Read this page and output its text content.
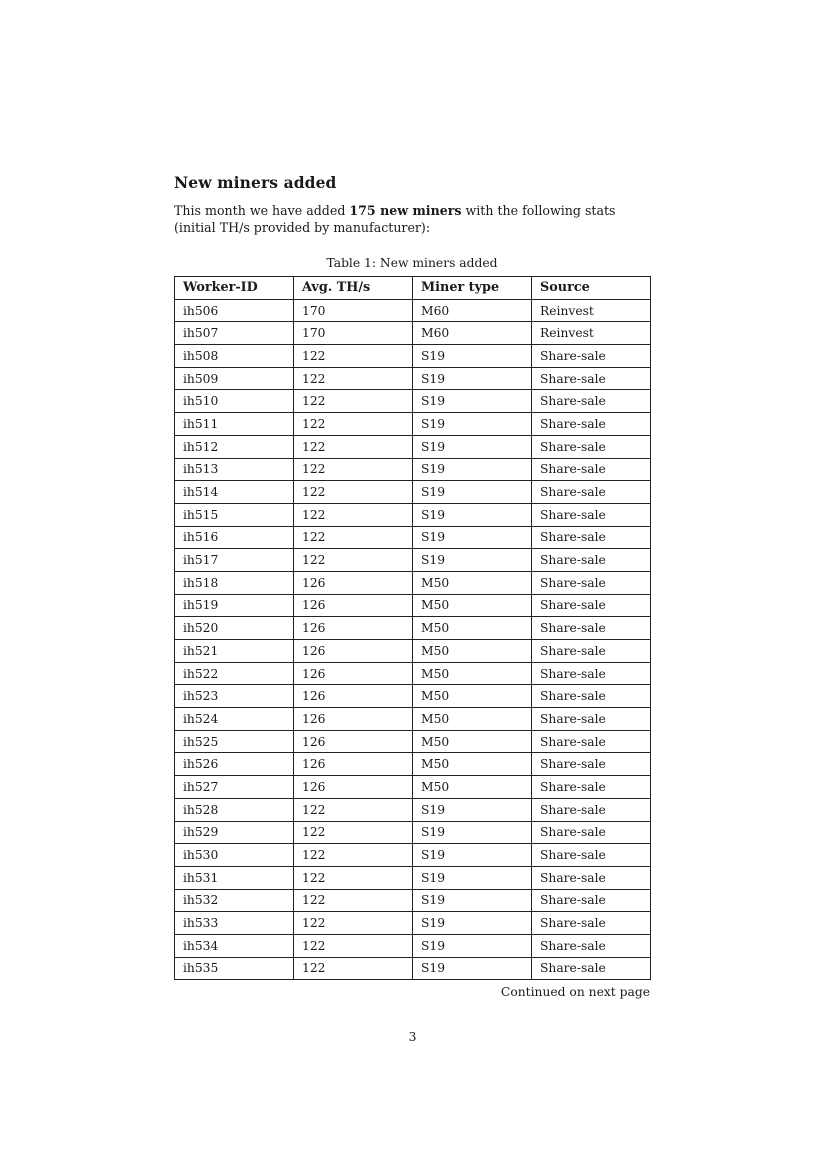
New miners added

This month we have added 175 new miners with the following stats (initial TH/s provided by manufacturer):

Table 1: New miners added
Worker-ID	Avg. TH/s	Miner type	Source
ih506	170	M60	Reinvest
ih507	170	M60	Reinvest
ih508	122	S19	Share-sale
ih509	122	S19	Share-sale
ih510	122	S19	Share-sale
ih511	122	S19	Share-sale
ih512	122	S19	Share-sale
ih513	122	S19	Share-sale
ih514	122	S19	Share-sale
ih515	122	S19	Share-sale
ih516	122	S19	Share-sale
ih517	122	S19	Share-sale
ih518	126	M50	Share-sale
ih519	126	M50	Share-sale
ih520	126	M50	Share-sale
ih521	126	M50	Share-sale
ih522	126	M50	Share-sale
ih523	126	M50	Share-sale
ih524	126	M50	Share-sale
ih525	126	M50	Share-sale
ih526	126	M50	Share-sale
ih527	126	M50	Share-sale
ih528	122	S19	Share-sale
ih529	122	S19	Share-sale
ih530	122	S19	Share-sale
ih531	122	S19	Share-sale
ih532	122	S19	Share-sale
ih533	122	S19	Share-sale
ih534	122	S19	Share-sale
ih535	122	S19	Share-sale
Continued on next page
3
